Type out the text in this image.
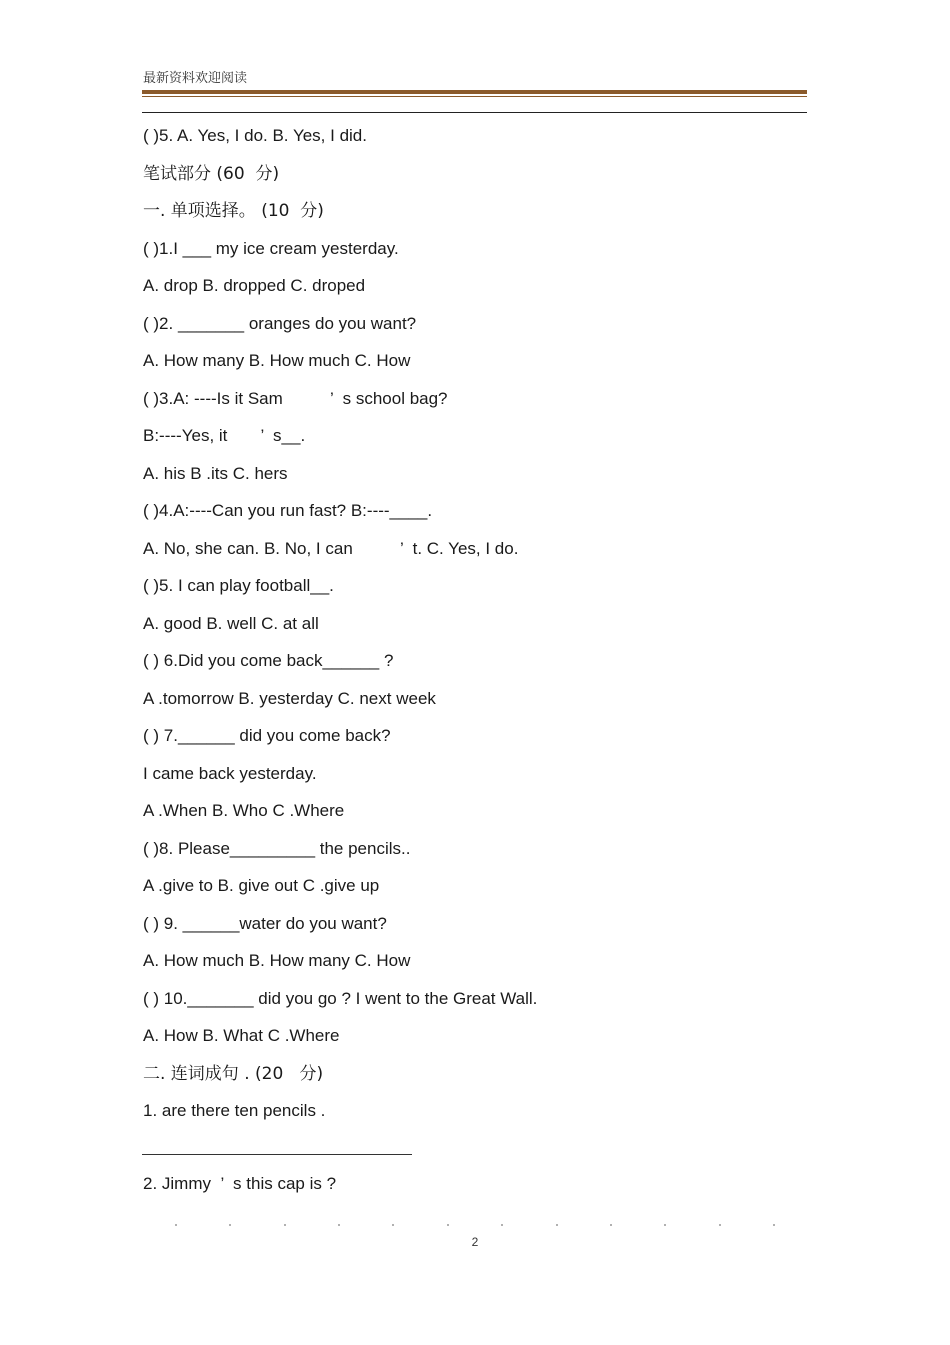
最新资料欢迎阅读
( )5. A. Yes, I do. B. Yes, I did.
笔试部分 (60  分)
一. 单项选择。 (10  分)
( )1.I ___ my ice cream yesterday.
A. drop B. dropped C. droped
( )2. _______ oranges do you want?
A. How many B. How much C. How
( )3.A: ----Is it Sam          ’  s school bag?
B:----Yes, it       ’  s__.
A. his B .its C. hers
( )4.A:----Can you run fast? B:----____.
A. No, she can. B. No, I can          ’  t. C. Yes, I do.
( )5. I can play football__.
A. good B. well C. at all
( ) 6.Did you come back______ ?
A .tomorrow B. yesterday C. next week
( ) 7.______ did you come back?
I came back yesterday.
A .When B. Who C .Where
( )8. Please_________ the pencils..
A .give to B. give out C .give up
( ) 9. ______water do you want?
A. How much B. How many C. How
( ) 10._______ did you go ? I went to the Great Wall.
A. How B. What C .Where
二. 连词成句 . (20   分)
1. are there ten pencils .
2. Jimmy  ’  s this cap is ?
2
